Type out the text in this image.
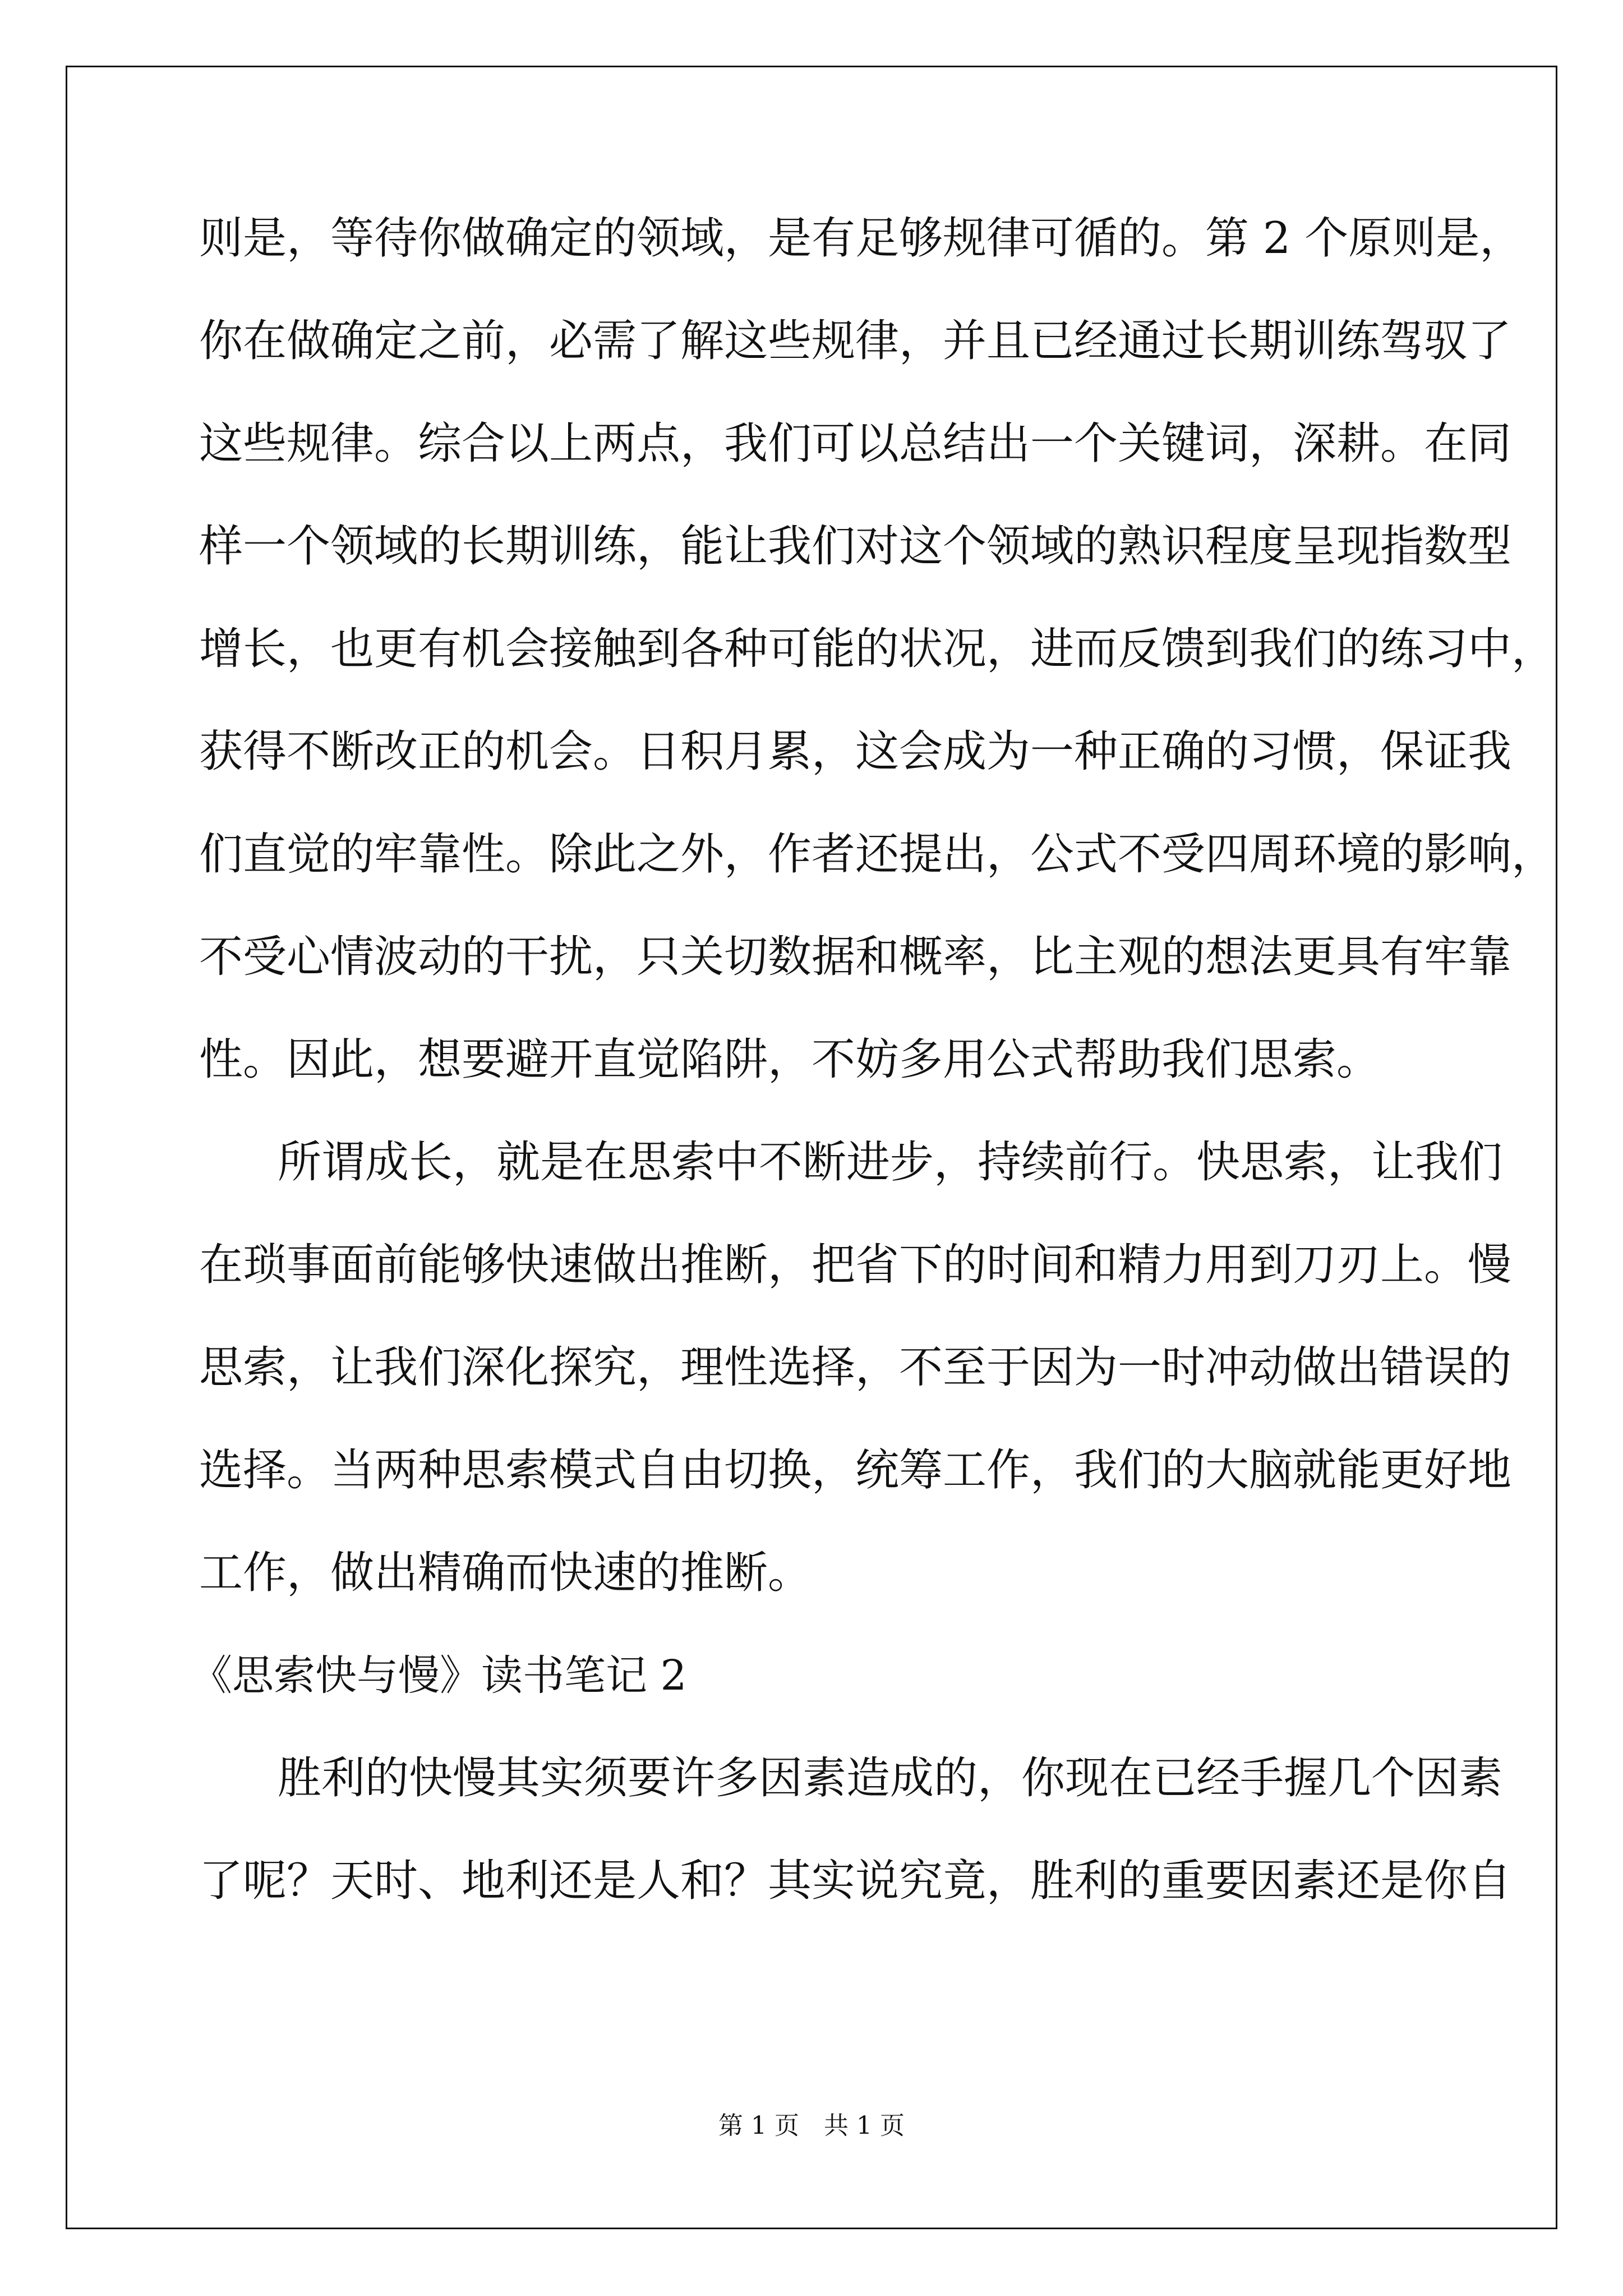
则是，等待你做确定的领域，是有足够规律可循的。第 2 个原则是，
你在做确定之前，必需了解这些规律，并且已经通过长期训练驾驭了
这些规律。综合以上两点，我们可以总结出一个关键词，深耕。在同
样一个领域的长期训练，能让我们对这个领域的熟识程度呈现指数型
增长，也更有机会接触到各种可能的状况，进而反馈到我们的练习中，
获得不断改正的机会。日积月累，这会成为一种正确的习惯，保证我
们直觉的牢靠性。除此之外，作者还提出，公式不受四周环境的影响，
不受心情波动的干扰，只关切数据和概率，比主观的想法更具有牢靠
性。因此，想要避开直觉陷阱，不妨多用公式帮助我们思索。
所谓成长，就是在思索中不断进步，持续前行。快思索，让我们
在琐事面前能够快速做出推断，把省下的时间和精力用到刀刃上。慢
思索，让我们深化探究，理性选择，不至于因为一时冲动做出错误的
选择。当两种思索模式自由切换，统筹工作，我们的大脑就能更好地
工作，做出精确而快速的推断。
《思索快与慢》读书笔记 2
胜利的快慢其实须要许多因素造成的，你现在已经手握几个因素
了呢？天时、地利还是人和？其实说究竟，胜利的重要因素还是你自
第 1 页　共 1 页
